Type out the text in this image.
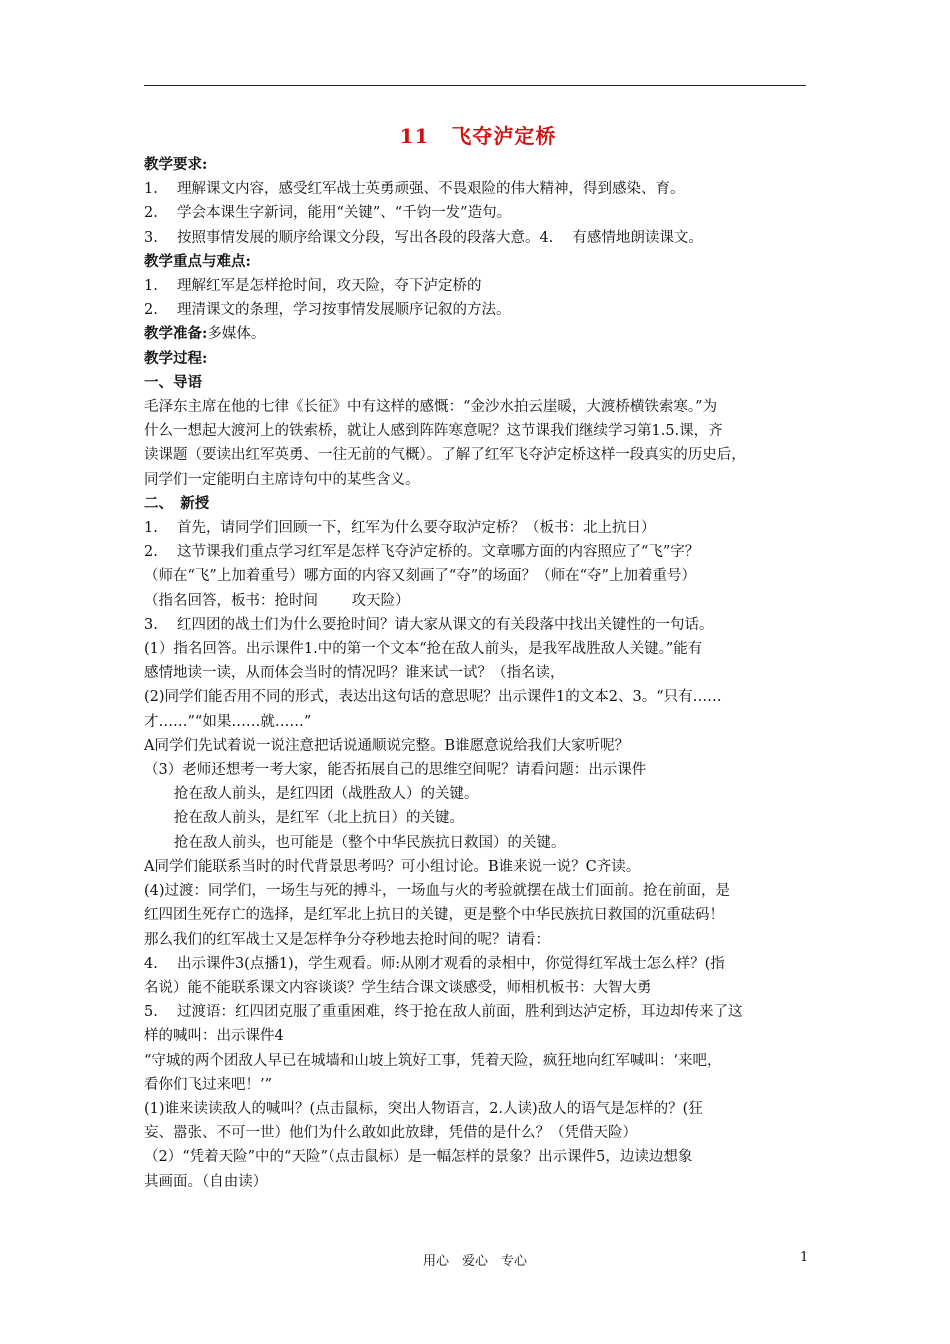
11 飞夺泸定桥
教学要求:
1.　 理解课文内容，感受红军战士英勇顽强、不畏艰险的伟大精神，得到感染、育。
2.　 学会本课生字新词，能用“关键”、“千钧一发”造句。
3.　 按照事情发展的顺序给课文分段，写出各段的段落大意。4.　 有感情地朗读课文。
教学重点与难点:
1.　 理解红军是怎样抢时间，攻天险，夺下泸定桥的
2.　 理清课文的条理，学习按事情发展顺序记叙的方法。
教学准备:多媒体。
教学过程:
一、导语
毛泽东主席在他的七律《长征》中有这样的感慨：“金沙水拍云崖暖，大渡桥横铁索寒。”为
什么一想起大渡河上的铁索桥，就让人感到阵阵寒意呢？这节课我们继续学习第1.5.课，齐
读课题（要读出红军英勇、一往无前的气概）。了解了红军飞夺泸定桥这样一段真实的历史后，
同学们一定能明白主席诗句中的某些含义。
二、　新授
1.　 首先，请同学们回顾一下，红军为什么要夺取泸定桥？（板书：北上抗日）
2.　 这节课我们重点学习红军是怎样飞夺泸定桥的。文章哪方面的内容照应了“飞”字？
（师在“飞”上加着重号）哪方面的内容又刻画了“夺”的场面？（师在“夺”上加着重号）
（指名回答，板书：抢时间　　 攻天险）
3.　 红四团的战士们为什么要抢时间？请大家从课文的有关段落中找出关键性的一句话。
(1）指名回答。出示课件1.中的第一个文本“抢在敌人前头，是我军战胜敌人关键。”能有
感情地读一读，从而体会当时的情况吗？谁来试一试？（指名读，
(2)同学们能否用不同的形式，表达出这句话的意思呢？出示课件1的文本2、3。“只有……
才……”“如果……就……”
A同学们先试着说一说注意把话说通顺说完整。B谁愿意说给我们大家听呢？
（3）老师还想考一考大家，能否拓展自己的思维空间呢？请看问题：出示课件
抢在敌人前头，是红四团（战胜敌人）的关键。
抢在敌人前头，是红军（北上抗日）的关键。
抢在敌人前头，也可能是（整个中华民族抗日救国）的关键。
A同学们能联系当时的时代背景思考吗？可小组讨论。B谁来说一说？C齐读。
(4)过渡：同学们，一场生与死的搏斗，一场血与火的考验就摆在战士们面前。抢在前面，是
红四团生死存亡的选择，是红军北上抗日的关键，更是整个中华民族抗日救国的沉重砝码！
那么我们的红军战士又是怎样争分夺秒地去抢时间的呢？请看：
4.　 出示课件3(点播1)，学生观看。师:从刚才观看的录相中，你觉得红军战士怎么样？(指
名说）能不能联系课文内容谈谈？学生结合课文谈感受，师相机板书：大智大勇
5.　 过渡语：红四团克服了重重困难，终于抢在敌人前面，胜利到达泸定桥，耳边却传来了这
样的喊叫：出示课件4
“守城的两个团敌人早已在城墙和山坡上筑好工事，凭着天险，疯狂地向红军喊叫：‘来吧，
看你们飞过来吧！’”
(1)谁来读读敌人的喊叫？(点击鼠标，突出人物语言，2.人读)敌人的语气是怎样的？(狂
妄、嚣张、不可一世）他们为什么敢如此放肆，凭借的是什么？（凭借天险）
（2）“凭着天险”中的“天险”（点击鼠标）是一幅怎样的景象？出示课件5，边读边想象
其画面。（自由读）
用心　爱心　专心	1
